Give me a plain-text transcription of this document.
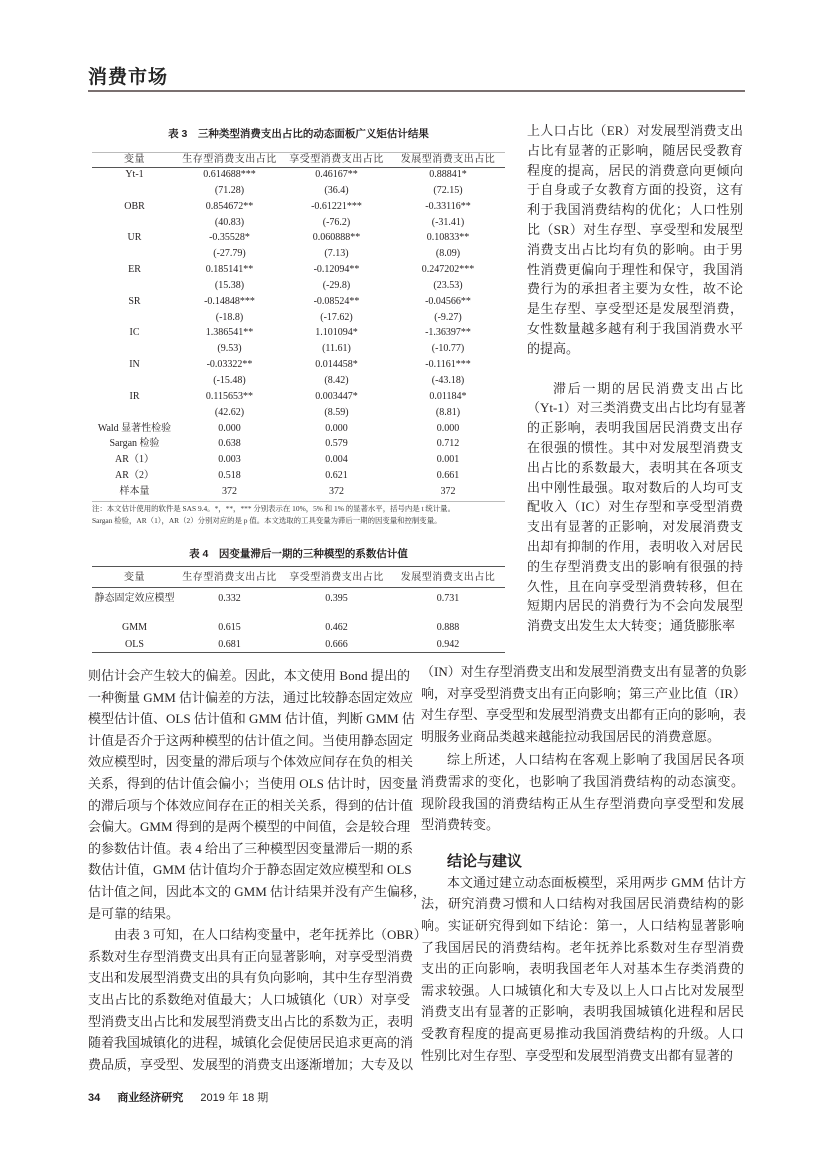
消费市场
表 3　三种类型消费支出占比的动态面板广义矩估计结果
变量	生存型消费支出占比	享受型消费支出占比	发展型消费支出占比
Yt-1	0.614688***	0.46167**	0.88841*
(71.28)	(36.4)	(72.15)
OBR	0.854672**	-0.61221***	-0.33116**
(40.83)	(-76.2)	(-31.41)
UR	-0.35528*	0.060888**	0.10833**
(-27.79)	(7.13)	(8.09)
ER	0.185141**	-0.12094**	0.247202***
(15.38)	(-29.8)	(23.53)
SR	-0.14848***	-0.08524**	-0.04566**
(-18.8)	(-17.62)	(-9.27)
IC	1.386541**	1.101094*	-1.36397**
(9.53)	(11.61)	(-10.77)
IN	-0.03322**	0.014458*	-0.1161***
(-15.48)	(8.42)	(-43.18)
IR	0.115653**	0.003447*	0.01184*
(42.62)	(8.59)	(8.81)
Wald 显著性检验	0.000	0.000	0.000
Sargan 检验	0.638	0.579	0.712
AR（1）	0.003	0.004	0.001
AR（2）	0.518	0.621	0.661
样本量	372	372	372
注：本文估计使用的软件是 SAS 9.4。*，**，*** 分别表示在 10%，5% 和 1% 的显著水平，括号内是 t 统计量。
Sargan 检验，AR（1），AR（2）分别对应的是 p 值。本文选取的工具变量为滞后一期的因变量和控制变量。
表 4　因变量滞后一期的三种模型的系数估计值
变量	生存型消费支出占比	享受型消费支出占比	发展型消费支出占比
静态固定效应模型	0.332	0.395	0.731
GMM	0.615	0.462	0.888
OLS	0.681	0.666	0.942
上人口占比（ER）对发展型消费支出
占比有显著的正影响，随居民受教育
程度的提高，居民的消费意向更倾向
于自身或子女教育方面的投资，这有
利于我国消费结构的优化；人口性别
比（SR）对生存型、享受型和发展型
消费支出占比均有负的影响。由于男
性消费更偏向于理性和保守，我国消
费行为的承担者主要为女性，故不论
是生存型、享受型还是发展型消费，
女性数量越多越有利于我国消费水平
的提高。
滞后一期的居民消费支出占比
（Yt-1）对三类消费支出占比均有显著
的正影响，表明我国居民消费支出存
在很强的惯性。其中对发展型消费支
出占比的系数最大，表明其在各项支
出中刚性最强。取对数后的人均可支
配收入（IC）对生存型和享受型消费
支出有显著的正影响，对发展消费支
出却有抑制的作用，表明收入对居民
的生存型消费支出的影响有很强的持
久性，且在向享受型消费转移，但在
短期内居民的消费行为不会向发展型
消费支出发生太大转变；通货膨胀率
则估计会产生较大的偏差。因此，本文使用 Bond 提出的
一种衡量 GMM 估计偏差的方法，通过比较静态固定效应
模型估计值、OLS 估计值和 GMM 估计值，判断 GMM 估
计值是否介于这两种模型的估计值之间。当使用静态固定
效应模型时，因变量的滞后项与个体效应间存在负的相关
关系，得到的估计值会偏小；当使用 OLS 估计时，因变量
的滞后项与个体效应间存在正的相关关系，得到的估计值
会偏大。GMM 得到的是两个模型的中间值，会是较合理
的参数估计值。表 4 给出了三种模型因变量滞后一期的系
数估计值，GMM 估计值均介于静态固定效应模型和 OLS
估计值之间，因此本文的 GMM 估计结果并没有产生偏移，
是可靠的结果。
由表 3 可知，在人口结构变量中，老年抚养比（OBR）
系数对生存型消费支出具有正向显著影响，对享受型消费
支出和发展型消费支出的具有负向影响，其中生存型消费
支出占比的系数绝对值最大；人口城镇化（UR）对享受
型消费支出占比和发展型消费支出占比的系数为正，表明
随着我国城镇化的进程，城镇化会促使居民追求更高的消
费品质，享受型、发展型的消费支出逐渐增加；大专及以
（IN）对生存型消费支出和发展型消费支出有显著的负影
响，对享受型消费支出有正向影响；第三产业比值（IR）
对生存型、享受型和发展型消费支出都有正向的影响，表
明服务业商品类越来越能拉动我国居民的消费意愿。
综上所述，人口结构在客观上影响了我国居民各项
消费需求的变化，也影响了我国消费结构的动态演变。
现阶段我国的消费结构正从生存型消费向享受型和发展
型消费转变。
结论与建议
本文通过建立动态面板模型，采用两步 GMM 估计方
法，研究消费习惯和人口结构对我国居民消费结构的影
响。实证研究得到如下结论：第一，人口结构显著影响
了我国居民的消费结构。老年抚养比系数对生存型消费
支出的正向影响，表明我国老年人对基本生存类消费的
需求较强。人口城镇化和大专及以上人口占比对发展型
消费支出有显著的正影响，表明我国城镇化进程和居民
受教育程度的提高更易推动我国消费结构的升级。人口
性别比对生存型、享受型和发展型消费支出都有显著的
34 商业经济研究 2019 年 18 期
